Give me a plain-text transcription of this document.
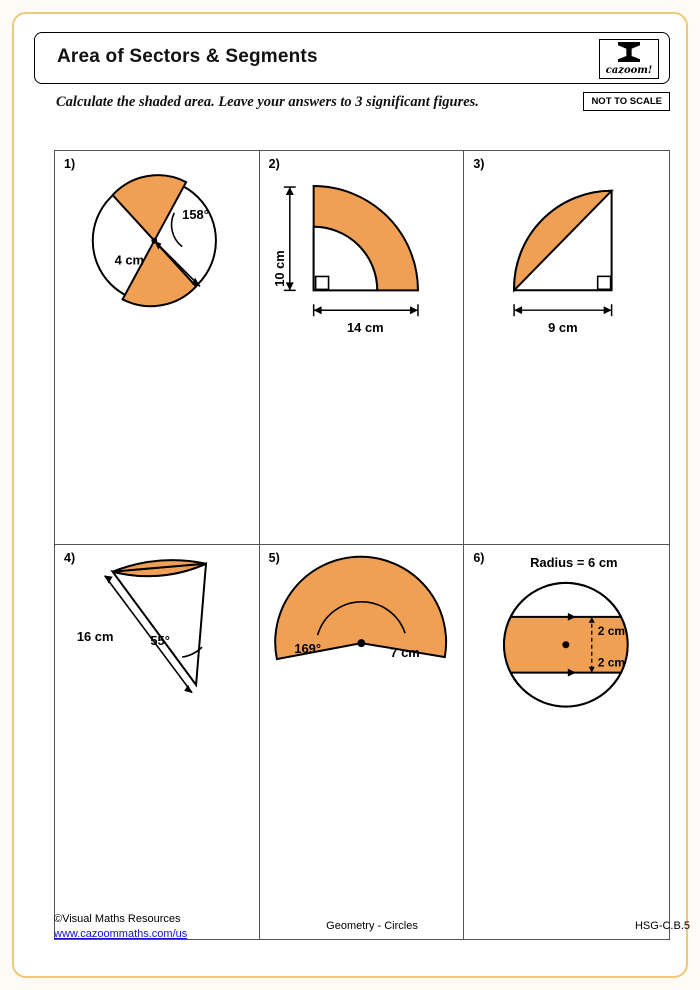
Area of Sectors & Segments
cazoom!
Calculate the shaded area. Leave your answers to 3 significant figures.	NOT TO SCALE
1)
158°
4 cm
2)
10 cm
14 cm
3)
9 cm
4)
16 cm	55°
5)
169°	7 cm
6)	Radius = 6 cm
2 cm
2 cm
©Visual Maths Resources
www.cazoommaths.com/us
Geometry - Circles	HSG-C.B.5
